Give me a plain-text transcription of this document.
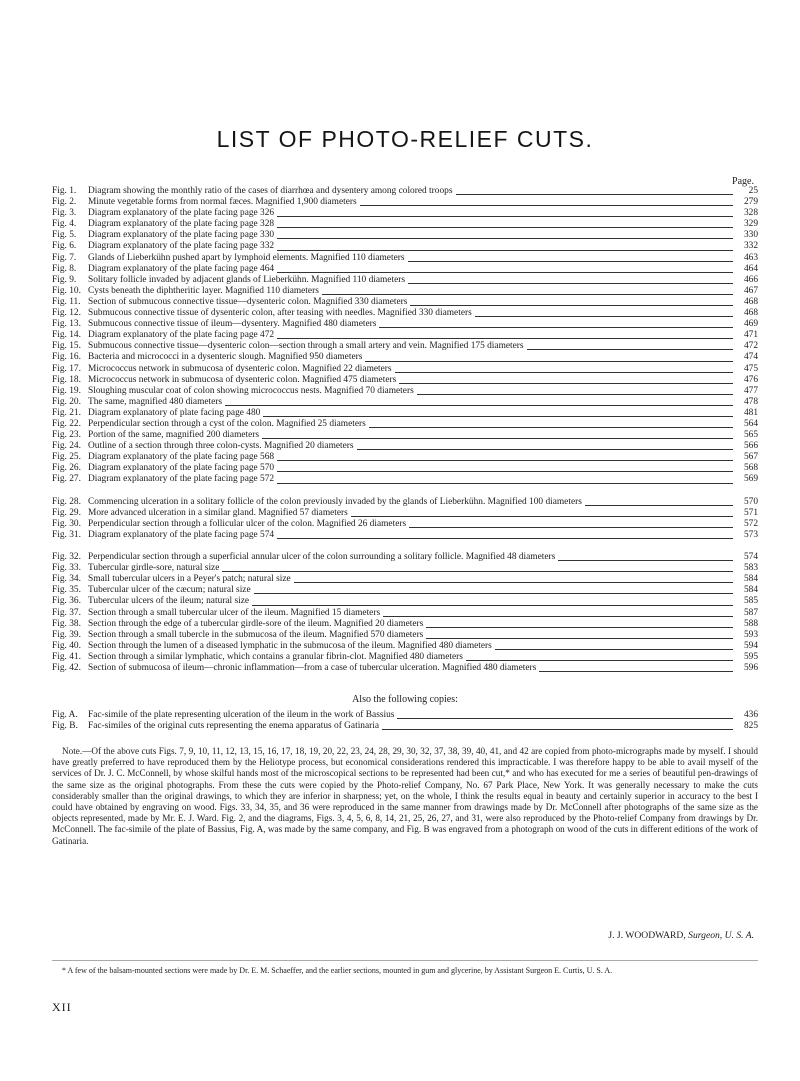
LIST OF PHOTO-RELIEF CUTS.
Page.
Fig. 1.	Diagram showing the monthly ratio of the cases of diarrhœa and dysentery among colored troops	25
Fig. 2.	Minute vegetable forms from normal fæces. Magnified 1,900 diameters	279
Fig. 3.	Diagram explanatory of the plate facing page 326	328
Fig. 4.	Diagram explanatory of the plate facing page 328	329
Fig. 5.	Diagram explanatory of the plate facing page 330	330
Fig. 6.	Diagram explanatory of the plate facing page 332	332
Fig. 7.	Glands of Lieberkühn pushed apart by lymphoid elements. Magnified 110 diameters	463
Fig. 8.	Diagram explanatory of the plate facing page 464	464
Fig. 9.	Solitary follicle invaded by adjacent glands of Lieberkühn. Magnified 110 diameters	466
Fig. 10. Cysts beneath the diphtheritic layer. Magnified 110 diameters	467
Fig. 11. Section of submucous connective tissue—dysenteric colon. Magnified 330 diameters	468
Fig. 12. Submucous connective tissue of dysenteric colon, after teasing with needles. Magnified 330 diameters	468
Fig. 13. Submucous connective tissue of ileum—dysentery. Magnified 480 diameters	469
Fig. 14. Diagram explanatory of the plate facing page 472	471
Fig. 15. Submucous connective tissue—dysenteric colon—section through a small artery and vein. Magnified 175 diameters	472
Fig. 16. Bacteria and micrococci in a dysenteric slough. Magnified 950 diameters	474
Fig. 17. Micrococcus network in submucosa of dysenteric colon. Magnified 22 diameters	475
Fig. 18. Micrococcus network in submucosa of dysenteric colon. Magnified 475 diameters	476
Fig. 19. Sloughing muscular coat of colon showing micrococcus nests. Magnified 70 diameters	477
Fig. 20. The same, magnified 480 diameters	478
Fig. 21. Diagram explanatory of plate facing page 480	481
Fig. 22. Perpendicular section through a cyst of the colon. Magnified 25 diameters	564
Fig. 23. Portion of the same, magnified 200 diameters	565
Fig. 24. Outline of a section through three colon-cysts. Magnified 20 diameters	566
Fig. 25. Diagram explanatory of the plate facing page 568	567
Fig. 26. Diagram explanatory of the plate facing page 570	568
Fig. 27. Diagram explanatory of the plate facing page 572	569
Fig. 28. Commencing ulceration in a solitary follicle of the colon previously invaded by the glands of Lieberkühn. Magnified 100 diameters	570
Fig. 29. More advanced ulceration in a similar gland. Magnified 57 diameters	571
Fig. 30. Perpendicular section through a follicular ulcer of the colon. Magnified 26 diameters	572
Fig. 31. Diagram explanatory of the plate facing page 574	573
Fig. 32. Perpendicular section through a superficial annular ulcer of the colon surrounding a solitary follicle. Magnified 48 diameters	574
Fig. 33. Tubercular girdle-sore, natural size	583
Fig. 34. Small tubercular ulcers in a Peyer's patch; natural size	584
Fig. 35. Tubercular ulcer of the cæcum; natural size	584
Fig. 36. Tubercular ulcers of the ileum; natural size	585
Fig. 37. Section through a small tubercular ulcer of the ileum. Magnified 15 diameters	587
Fig. 38. Section through the edge of a tubercular girdle-sore of the ileum. Magnified 20 diameters	588
Fig. 39. Section through a small tubercle in the submucosa of the ileum. Magnified 570 diameters	593
Fig. 40. Section through the lumen of a diseased lymphatic in the submucosa of the ileum. Magnified 480 diameters	594
Fig. 41. Section through a similar lymphatic, which contains a granular fibrin-clot. Magnified 480 diameters	595
Fig. 42. Section of submucosa of ileum—chronic inflammation—from a case of tubercular ulceration. Magnified 480 diameters	596
Also the following copies:
Fig. A.	Fac-simile of the plate representing ulceration of the ileum in the work of Bassius	436
Fig. B.	Fac-similes of the original cuts representing the enema apparatus of Gatinaria	825

Note.—Of the above cuts Figs. 7, 9, 10, 11, 12, 13, 15, 16, 17, 18, 19, 20, 22, 23, 24, 28, 29, 30, 32, 37, 38, 39, 40, 41, and 42 are copied from photo-micrographs made by myself. I should have greatly preferred to have reproduced them by the Heliotype process, but economical considerations rendered this impracticable. I was therefore happy to be able to avail myself of the services of Dr. J. C. McConnell, by whose skilful hands most of the microscopical sections to be represented had been cut,* and who has executed for me a series of beautiful pen-drawings of the same size as the original photographs. From these the cuts were copied by the Photo-relief Company, No. 67 Park Place, New York. It was generally necessary to make the cuts considerably smaller than the original drawings, to which they are inferior in sharpness; yet, on the whole, I think the results equal in beauty and certainly superior in accuracy to the best I could have obtained by engraving on wood. Figs. 33, 34, 35, and 36 were reproduced in the same manner from drawings made by Dr. McConnell after photographs of the same size as the objects represented, made by Mr. E. J. Ward. Fig. 2, and the diagrams, Figs. 3, 4, 5, 6, 8, 14, 21, 25, 26, 27, and 31, were also reproduced by the Photo-relief Company from drawings by Dr. McConnell. The fac-simile of the plate of Bassius, Fig. A, was made by the same company, and Fig. B was engraved from a photograph on wood of the cuts in different editions of the work of Gatinaria.

J. J. WOODWARD, Surgeon, U. S. A.

* A few of the balsam-mounted sections were made by Dr. E. M. Schaeffer, and the earlier sections, mounted in gum and glycerine, by Assistant Surgeon E. Curtis, U. S. A.

XII
